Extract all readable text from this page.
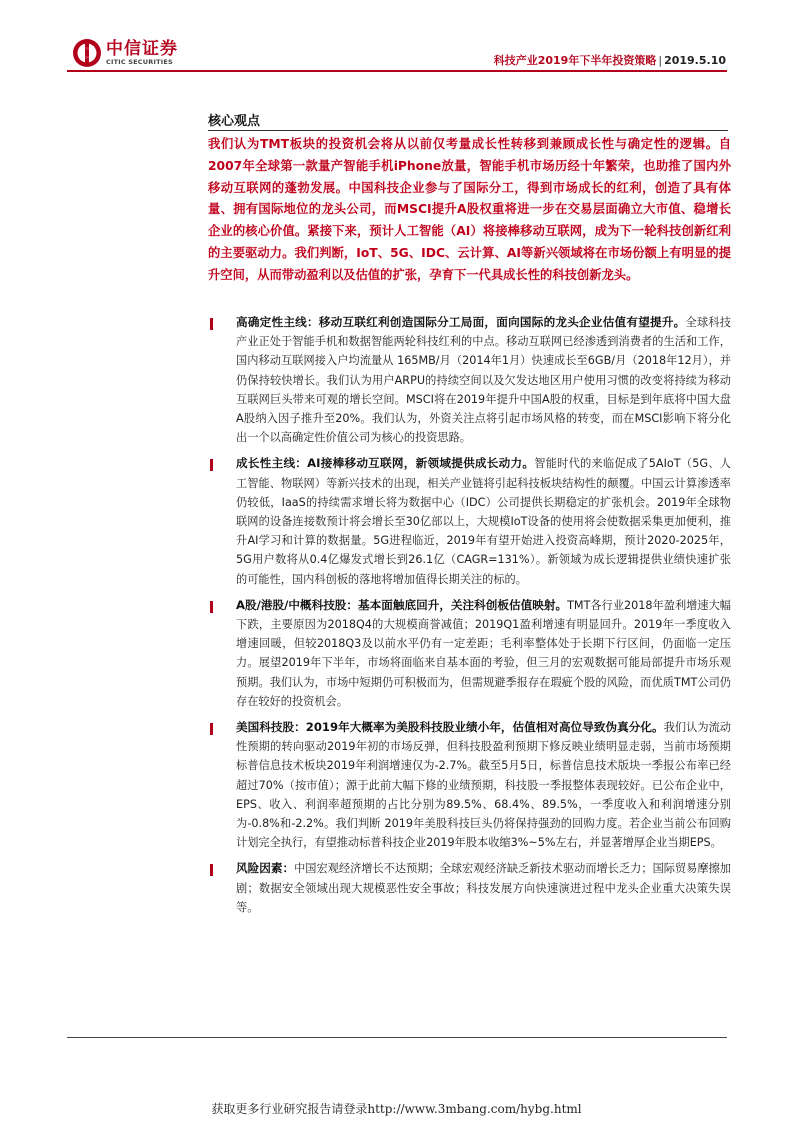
中信证券
CITIC SECURITIES	科技产业2019年下半年投资策略 | 2019.5.10
核心观点
我们认为TMT板块的投资机会将从以前仅考量成长性转移到兼顾成长性与确定性的逻辑。自2007年全球第一款量产智能手机iPhone放量，智能手机市场历经十年繁荣，也助推了国内外移动互联网的蓬勃发展。中国科技企业参与了国际分工，得到市场成长的红利，创造了具有体量、拥有国际地位的龙头公司，而MSCI提升A股权重将进一步在交易层面确立大市值、稳增长企业的核心价值。紧接下来，预计人工智能（AI）将接棒移动互联网，成为下一轮科技创新红利的主要驱动力。我们判断，IoT、5G、IDC、云计算、AI等新兴领域将在市场份额上有明显的提升空间，从而带动盈利以及估值的扩张，孕育下一代具成长性的科技创新龙头。
高确定性主线：移动互联红利创造国际分工局面，面向国际的龙头企业估值有望提升。全球科技产业正处于智能手机和数据智能两轮科技红利的中点。移动互联网已经渗透到消费者的生活和工作，国内移动互联网接入户均流量从 165MB/月（2014年1月）快速成长至6GB/月（2018年12月），并仍保持较快增长。我们认为用户ARPU的持续空间以及欠发达地区用户使用习惯的改变将持续为移动互联网巨头带来可观的增长空间。MSCI将在2019年提升中国A股的权重，目标是到年底将中国大盘A股纳入因子推升至20%。我们认为，外资关注点将引起市场风格的转变，而在MSCI影响下将分化出一个以高确定性价值公司为核心的投资思路。
成长性主线：AI接棒移动互联网，新领域提供成长动力。智能时代的来临促成了5AIoT（5G、人工智能、物联网）等新兴技术的出现，相关产业链将引起科技板块结构性的颠覆。中国云计算渗透率仍较低，IaaS的持续需求增长将为数据中心（IDC）公司提供长期稳定的扩张机会。2019年全球物联网的设备连接数预计将会增长至30亿部以上，大规模IoT设备的使用将会使数据采集更加便利，推升AI学习和计算的数据量。5G进程临近，2019年有望开始进入投资高峰期，预计2020-2025年，5G用户数将从0.4亿爆发式增长到26.1亿（CAGR=131%）。新领域为成长逻辑提供业绩快速扩张的可能性，国内科创板的落地将增加值得长期关注的标的。
A股/港股/中概科技股：基本面触底回升，关注科创板估值映射。TMT各行业2018年盈利增速大幅下跌，主要原因为2018Q4的大规模商誉减值；2019Q1盈利增速有明显回升。2019年一季度收入增速回暖，但较2018Q3及以前水平仍有一定差距；毛利率整体处于长期下行区间，仍面临一定压力。展望2019年下半年，市场将面临来自基本面的考验，但三月的宏观数据可能局部提升市场乐观预期。我们认为，市场中短期仍可积极而为，但需规避季报存在瑕疵个股的风险，而优质TMT公司仍存在较好的投资机会。
美国科技股：2019年大概率为美股科技股业绩小年，估值相对高位导致伪真分化。我们认为流动性预期的转向驱动2019年初的市场反弹，但科技股盈利预期下修反映业绩明显走弱，当前市场预期标普信息技术板块2019年利润增速仅为-2.7%。截至5月5日，标普信息技术版块一季报公布率已经超过70%（按市值）；源于此前大幅下修的业绩预期，科技股一季报整体表现较好。已公布企业中，EPS、收入、利润率超预期的占比分别为89.5%、68.4%、89.5%，一季度收入和利润增速分别为-0.8%和-2.2%。我们判断 2019年美股科技巨头仍将保持强劲的回购力度。若企业当前公布回购计划完全执行，有望推动标普科技企业2019年股本收缩3%~5%左右，并显著增厚企业当期EPS。
风险因素：中国宏观经济增长不达预期；全球宏观经济缺乏新技术驱动而增长乏力；国际贸易摩擦加剧；数据安全领域出现大规模恶性安全事故；科技发展方向快速演进过程中龙头企业重大决策失误等。
获取更多行业研究报告请登录http://www.3mbang.com/hybg.html
